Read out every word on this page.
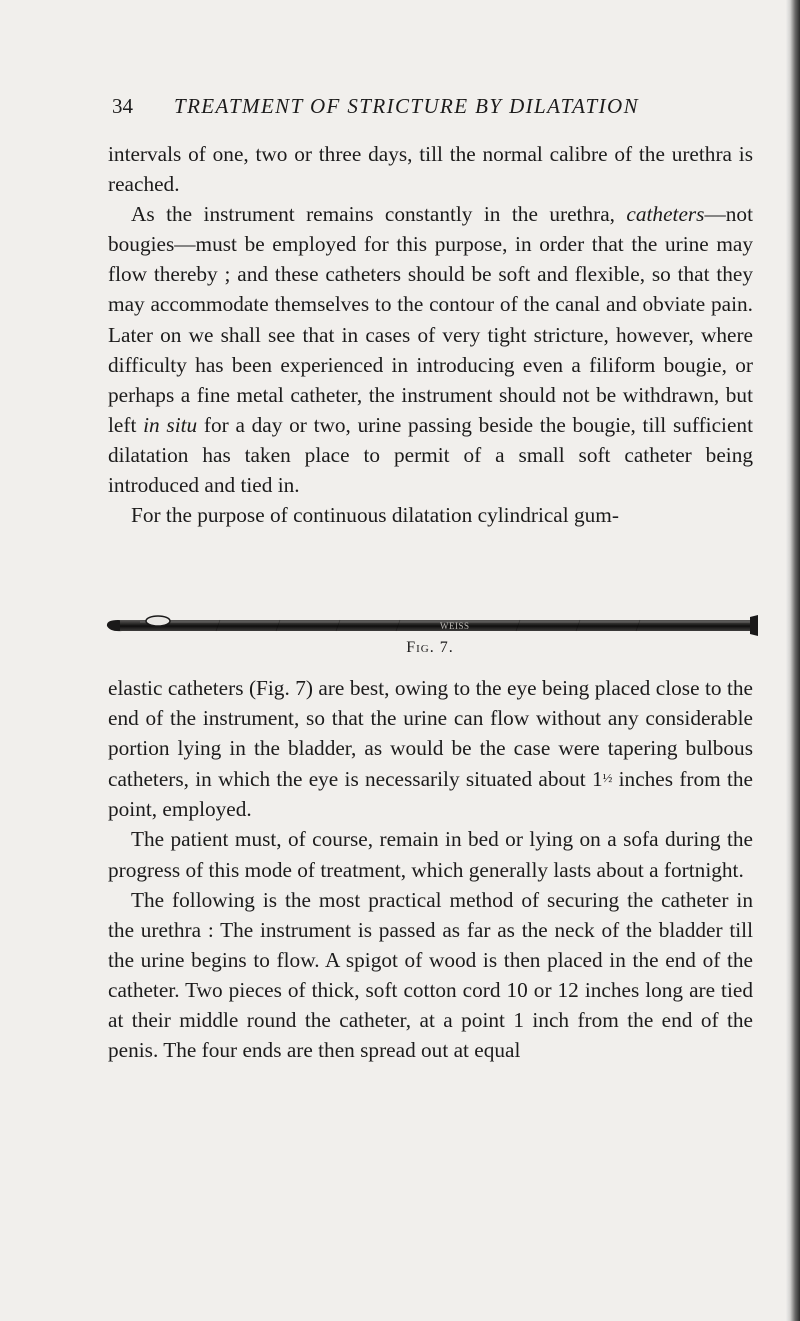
34 TREATMENT OF STRICTURE BY DILATATION

intervals of one, two or three days, till the normal calibre of the urethra is reached.

As the instrument remains constantly in the urethra, catheters—not bougies—must be employed for this purpose, in order that the urine may flow thereby ; and these catheters should be soft and flexible, so that they may accommodate themselves to the contour of the canal and obviate pain. Later on we shall see that in cases of very tight stricture, however, where difficulty has been experienced in introducing even a filiform bougie, or perhaps a fine metal catheter, the instrument should not be withdrawn, but left in situ for a day or two, urine passing beside the bougie, till sufficient dilatation has taken place to permit of a small soft catheter being introduced and tied in.

For the purpose of continuous dilatation cylindrical gum-

WEISS
Fig. 7.

elastic catheters (Fig. 7) are best, owing to the eye being placed close to the end of the instrument, so that the urine can flow without any considerable portion lying in the bladder, as would be the case were tapering bulbous catheters, in which the eye is necessarily situated about 1½ inches from the point, employed.

The patient must, of course, remain in bed or lying on a sofa during the progress of this mode of treatment, which generally lasts about a fortnight.

The following is the most practical method of securing the catheter in the urethra : The instrument is passed as far as the neck of the bladder till the urine begins to flow. A spigot of wood is then placed in the end of the catheter. Two pieces of thick, soft cotton cord 10 or 12 inches long are tied at their middle round the catheter, at a point 1 inch from the end of the penis. The four ends are then spread out at equal
